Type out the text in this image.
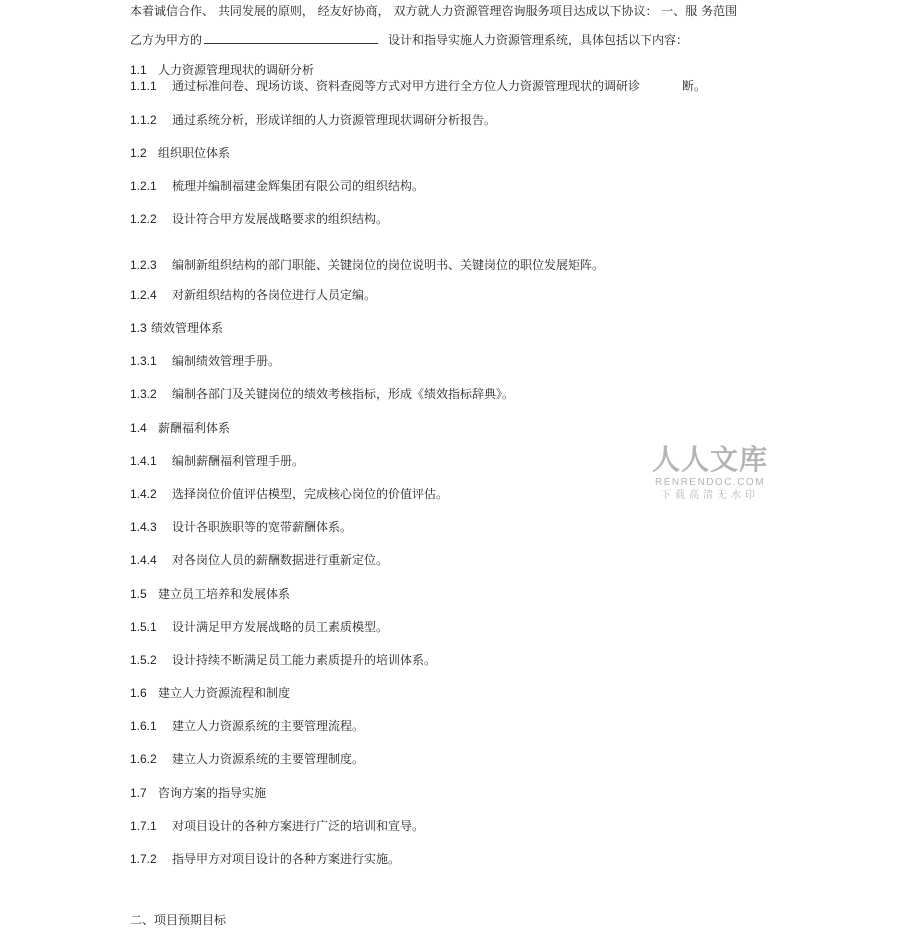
本着诚信合作、 共同发展的原则， 经友好协商， 双方就人力资源管理咨询服务项目达成以下协议： 一、服 务范围
乙方为甲方的	设计和指导实施人力资源管理系统，具体包括以下内容：
1.1 人力资源管理现状的调研分析
1.1.1 通过标准问卷、现场访谈、资料查阅等方式对甲方进行全方位人力资源管理现状的调研诊	断。
1.1.2 通过系统分析，形成详细的人力资源管理现状调研分析报告。
1.2 组织职位体系
1.2.1 梳理并编制福建金辉集团有限公司的组织结构。
1.2.2 设计符合甲方发展战略要求的组织结构。
1.2.3 编制新组织结构的部门职能、关键岗位的岗位说明书、关键岗位的职位发展矩阵。
1.2.4 对新组织结构的各岗位进行人员定编。
1.3 绩效管理体系
1.3.1 编制绩效管理手册。
1.3.2 编制各部门及关键岗位的绩效考核指标，形成《绩效指标辞典》。
1.4 薪酬福利体系
1.4.1 编制薪酬福利管理手册。
1.4.2 选择岗位价值评估模型，完成核心岗位的价值评估。
1.4.3 设计各职族职等的宽带薪酬体系。
1.4.4 对各岗位人员的薪酬数据进行重新定位。
1.5 建立员工培养和发展体系
1.5.1 设计满足甲方发展战略的员工素质模型。
1.5.2 设计持续不断满足员工能力素质提升的培训体系。
1.6 建立人力资源流程和制度
1.6.1 建立人力资源系统的主要管理流程。
1.6.2 建立人力资源系统的主要管理制度。
1.7 咨询方案的指导实施
1.7.1 对项目设计的各种方案进行广泛的培训和宣导。
1.7.2 指导甲方对项目设计的各种方案进行实施。
二、项目预期目标
人人文库
RENRENDOC.COM
下载高清无水印
